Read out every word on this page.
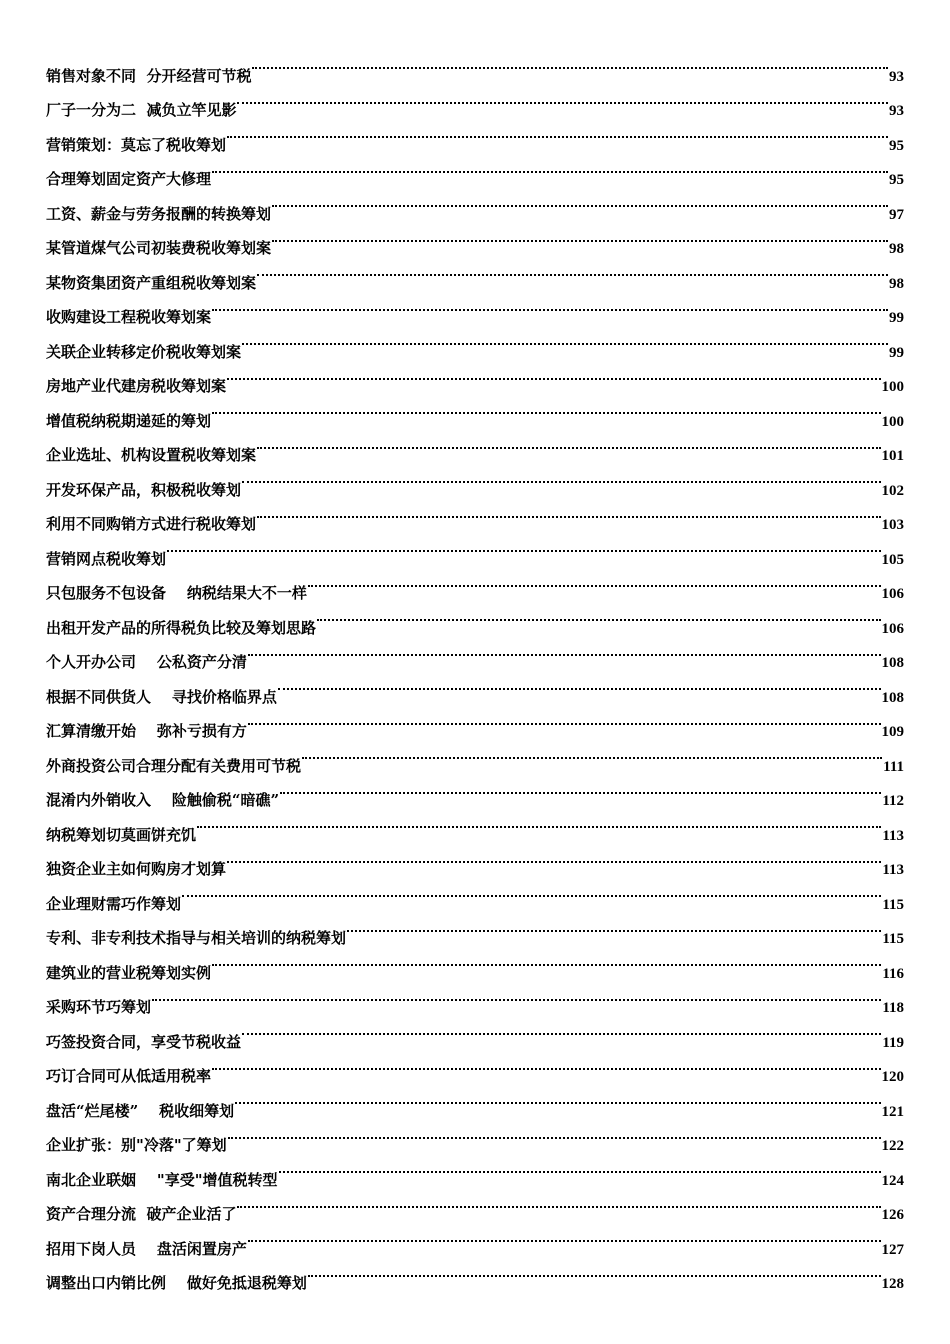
销售对象不同  分开经营可节税	93
厂子一分为二  减负立竿见影	93
营销策划：莫忘了税收筹划	95
合理筹划固定资产大修理	95
工资、薪金与劳务报酬的转换筹划	97
某管道煤气公司初装费税收筹划案	98
某物资集团资产重组税收筹划案	98
收购建设工程税收筹划案	99
关联企业转移定价税收筹划案	99
房地产业代建房税收筹划案	100
增值税纳税期递延的筹划	100
企业选址、机构设置税收筹划案	101
开发环保产品，积极税收筹划	102
利用不同购销方式进行税收筹划	103
营销网点税收筹划	105
只包服务不包设备    纳税结果大不一样	106
出租开发产品的所得税负比较及筹划思路	106
个人开办公司    公私资产分清	108
根据不同供货人    寻找价格临界点	108
汇算清缴开始    弥补亏损有方	109
外商投资公司合理分配有关费用可节税	111
混淆内外销收入    险触偷税“暗礁”	112
纳税筹划切莫画饼充饥	113
独资企业主如何购房才划算	113
企业理财需巧作筹划	115
专利、非专利技术指导与相关培训的纳税筹划	115
建筑业的营业税筹划实例	116
采购环节巧筹划	118
巧签投资合同，享受节税收益	119
巧订合同可从低适用税率	120
盘活“烂尾楼”    税收细筹划	121
企业扩张：别"冷落"了筹划	122
南北企业联姻    "享受"增值税转型	124
资产合理分流  破产企业活了	126
招用下岗人员    盘活闲置房产	127
调整出口内销比例    做好免抵退税筹划	128
